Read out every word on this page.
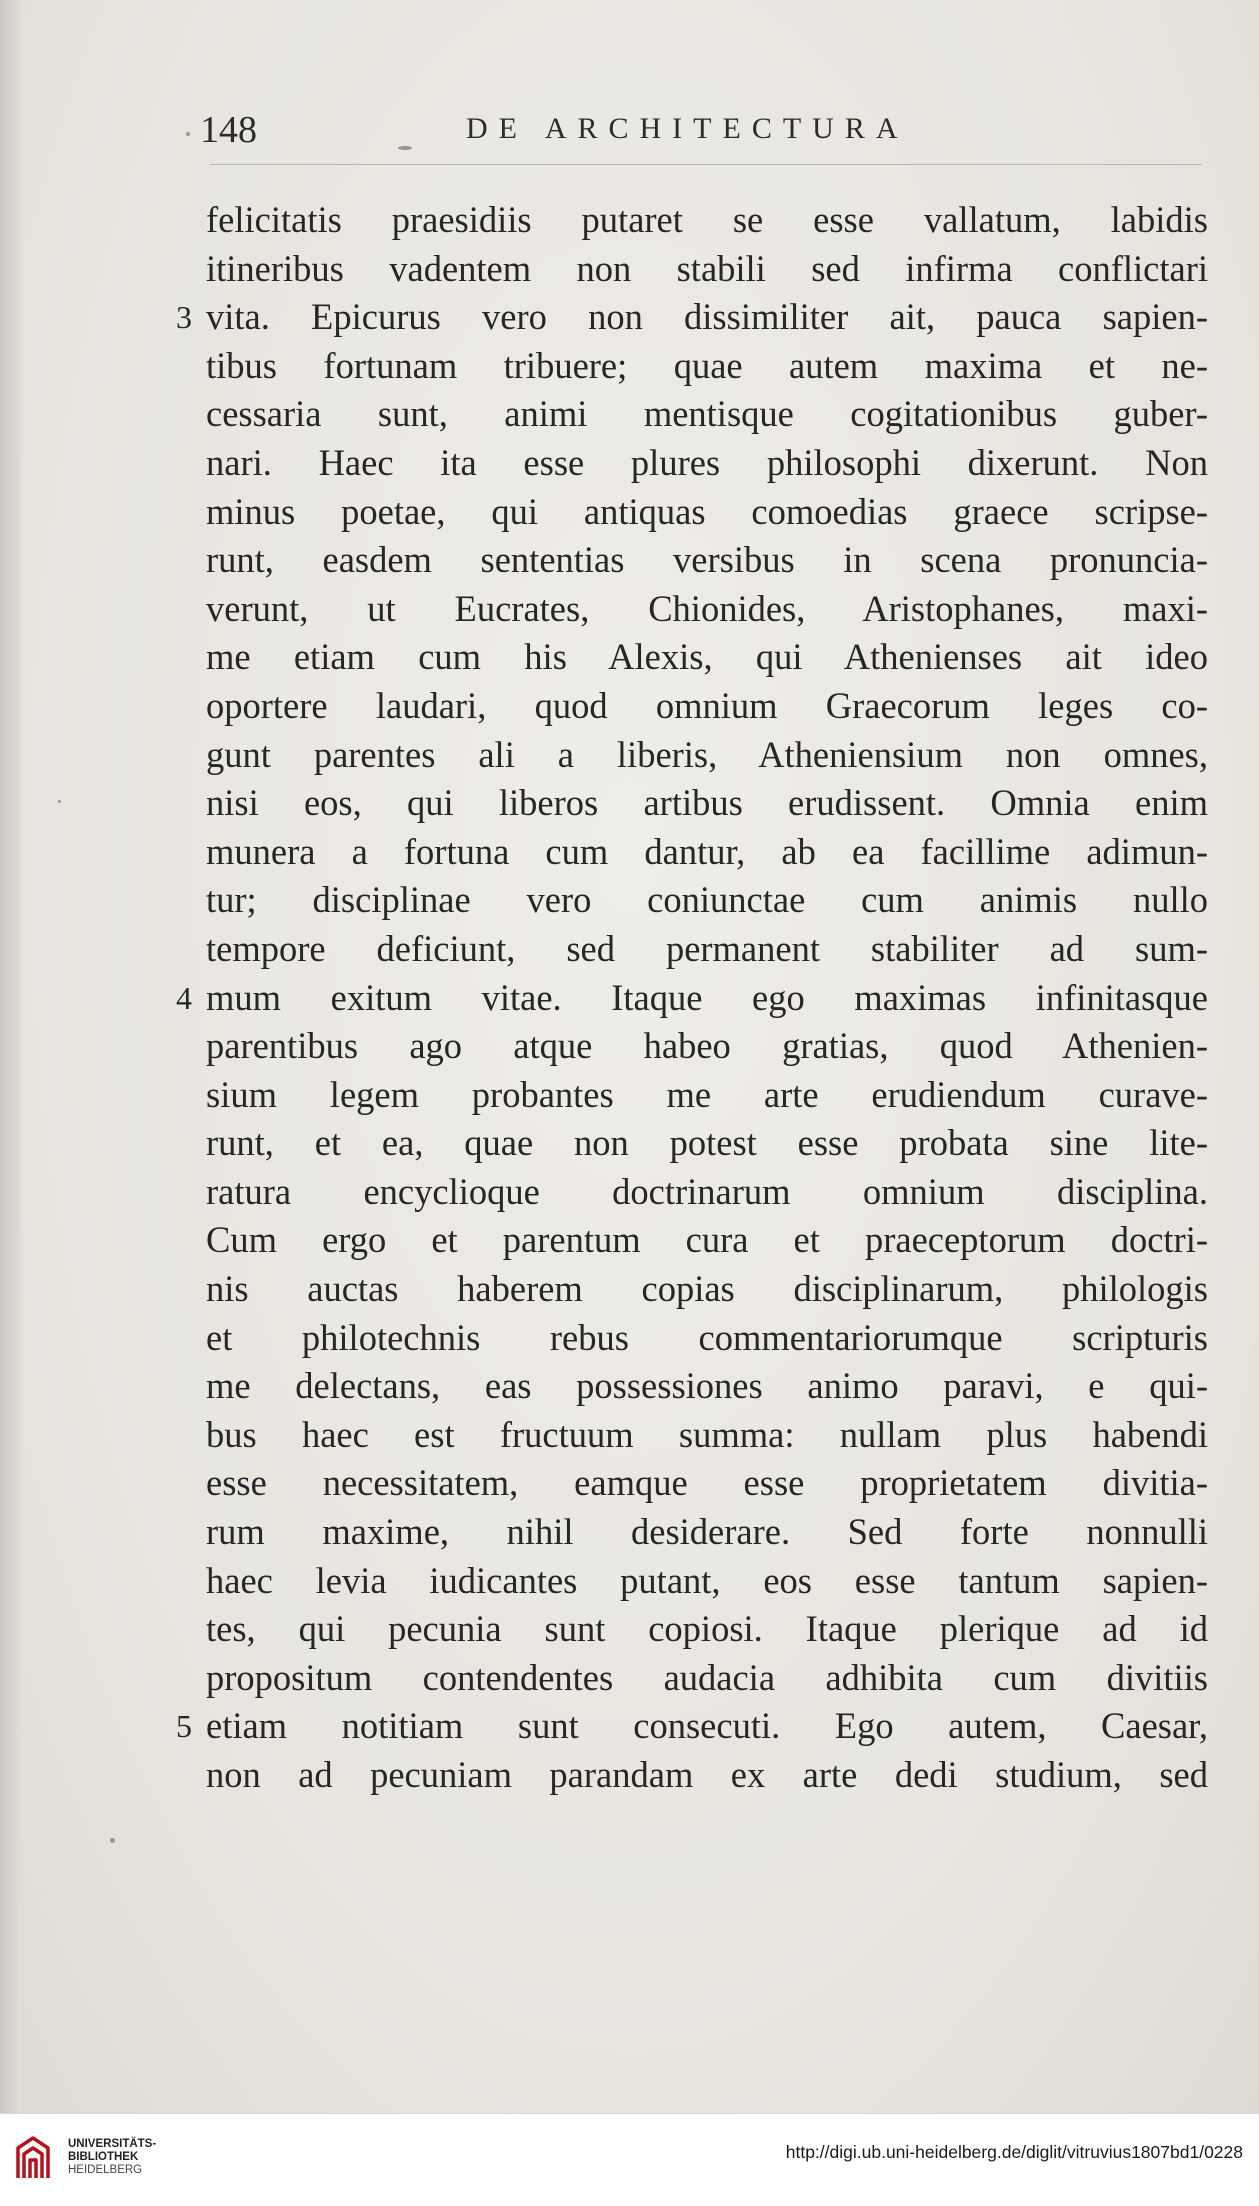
148	DE ARCHITECTURA
felicitatis praesidiis putaret se esse vallatum, labidis
itineribus vadentem non stabili sed infirma conflictari
3 vita. Epicurus vero non dissimiliter ait, pauca sapien-
tibus fortunam tribuere; quae autem maxima et ne-
cessaria sunt, animi mentisque cogitationibus guber-
nari. Haec ita esse plures philosophi dixerunt. Non
minus poetae, qui antiquas comoedias graece scripse-
runt, easdem sententias versibus in scena pronuncia-
verunt, ut Eucrates, Chionides, Aristophanes, maxi-
me etiam cum his Alexis, qui Athenienses ait ideo
oportere laudari, quod omnium Graecorum leges co-
gunt parentes ali a liberis, Atheniensium non omnes,
nisi eos, qui liberos artibus erudissent. Omnia enim
munera a fortuna cum dantur, ab ea facillime adimun-
tur; disciplinae vero coniunctae cum animis nullo
tempore deficiunt, sed permanent stabiliter ad sum-
4 mum exitum vitae. Itaque ego maximas infinitasque
parentibus ago atque habeo gratias, quod Athenien-
sium legem probantes me arte erudiendum curave-
runt, et ea, quae non potest esse probata sine lite-
ratura encyclioque doctrinarum omnium disciplina.
Cum ergo et parentum cura et praeceptorum doctri-
nis auctas haberem copias disciplinarum, philologis
et philotechnis rebus commentariorumque scripturis
me delectans, eas possessiones animo paravi, e qui-
bus haec est fructuum summa: nullam plus habendi
esse necessitatem, eamque esse proprietatem divitia-
rum maxime, nihil desiderare. Sed forte nonnulli
haec levia iudicantes putant, eos esse tantum sapien-
tes, qui pecunia sunt copiosi. Itaque plerique ad id
propositum contendentes audacia adhibita cum divitiis
5 etiam notitiam sunt consecuti. Ego autem, Caesar,
non ad pecuniam parandam ex arte dedi studium, sed
UNIVERSITÄTS-
BIBLIOTHEK
HEIDELBERG
http://digi.ub.uni-heidelberg.de/diglit/vitruvius1807bd1/0228
